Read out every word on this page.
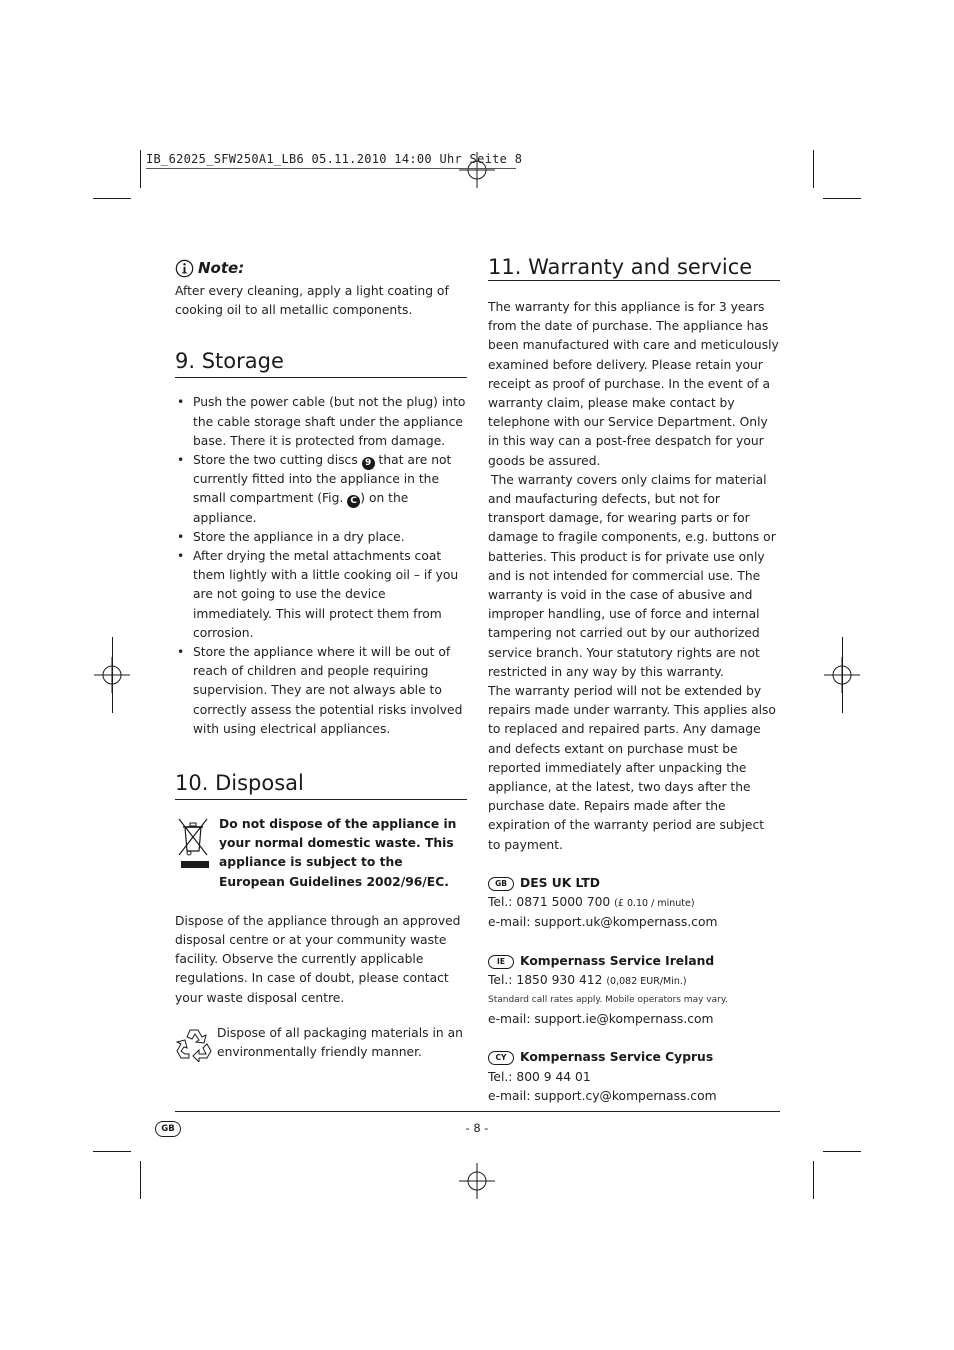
IB_62025_SFW250A1_LB6 05.11.2010 14:00 Uhr Seite 8
Note:

After every cleaning, apply a light coating of cooking oil to all metallic components.

9. Storage
• Push the power cable (but not the plug) into the cable storage shaft under the appliance base. There it is protected from damage.
• Store the two cutting discs 9 that are not currently fitted into the appliance in the small compartment (Fig. C ) on the appliance.
• Store the appliance in a dry place.
• After drying the metal attachments coat them lightly with a little cooking oil – if you are not going to use the device immediately. This will protect them from corrosion.
• Store the appliance where it will be out of reach of children and people requiring supervision. They are not always able to correctly assess the potential risks involved with using electrical appliances.
10. Disposal
Do not dispose of the appliance in your normal domestic waste. This appliance is subject to the European Guidelines 2002/96/EC.

Dispose of the appliance through an approved disposal centre or at your community waste facility. Observe the currently applicable regulations. In case of doubt, please contact your waste disposal centre.

Dispose of all packaging materials in an environmentally friendly manner.

11. Warranty and service

The warranty for this appliance is for 3 years from the date of purchase. The appliance has been manufactured with care and meticulously examined before delivery. Please retain your receipt as proof of purchase. In the event of a warranty claim, please make contact by telephone with our Service Department. Only in this way can a post-free despatch for your goods be assured.

The warranty covers only claims for material and maufacturing defects, but not for transport damage, for wearing parts or for damage to fragile components, e.g. buttons or batteries. This product is for private use only and is not intended for commercial use. The warranty is void in the case of abusive and improper handling, use of force and internal tampering not carried out by our authorized service branch. Your statutory rights are not restricted in any way by this warranty.

The warranty period will not be extended by repairs made under warranty. This applies also to replaced and repaired parts. Any damage and defects extant on purchase must be reported immediately after unpacking the appliance, at the latest, two days after the purchase date. Repairs made after the expiration of the warranty period are subject to payment.

GB DES UK LTD
Tel.: 0871 5000 700 (£ 0.10 / minute)
e-mail: support.uk@kompernass.com
IE Kompernass Service Ireland
Tel.: 1850 930 412 (0,082 EUR/Min.)
Standard call rates apply. Mobile operators may vary.
e-mail: support.ie@kompernass.com
CY Kompernass Service Cyprus
Tel.: 800 9 44 01
e-mail: support.cy@kompernass.com
GB	- 8 -
